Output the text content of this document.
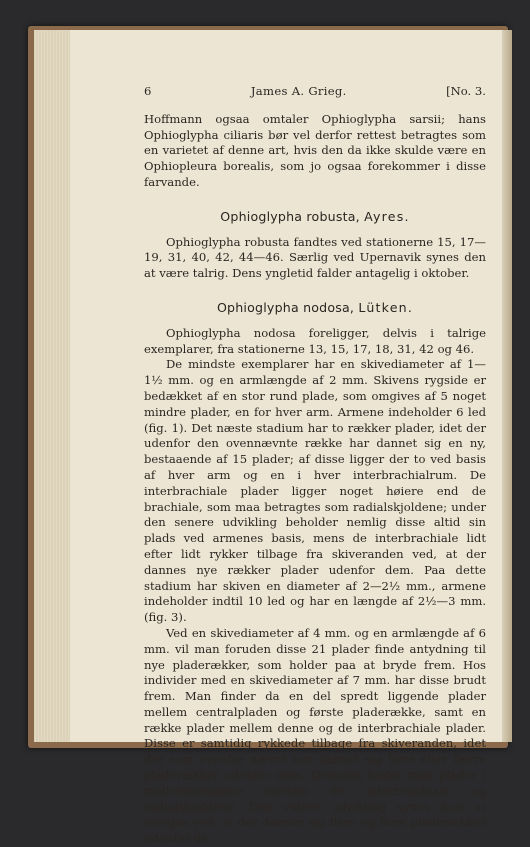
6	James A. Grieg.	[No. 3.

Hoffmann ogsaa omtaler Ophioglypha sarsii; hans Ophioglypha ciliaris bør vel derfor rettest betragtes som en varietet af denne art, hvis den da ikke skulde være en Ophiopleura borealis, som jo ogsaa forekommer i disse farvande.

Ophioglypha robusta, Ayres.

Ophioglypha robusta fandtes ved stationerne 15, 17—19, 31, 40, 42, 44—46. Særlig ved Upernavik synes den at være talrig. Dens yngletid falder antagelig i oktober.

Ophioglypha nodosa, Lütken.

Ophioglypha nodosa foreligger, delvis i talrige exemplarer, fra stationerne 13, 15, 17, 18, 31, 42 og 46.

De mindste exemplarer har en skivediameter af 1—1½ mm. og en armlængde af 2 mm. Skivens rygside er bedækket af en stor rund plade, som omgives af 5 noget mindre plader, en for hver arm. Armene indeholder 6 led (fig. 1). Det næste stadium har to rækker plader, idet der udenfor den ovennævnte række har dannet sig en ny, bestaaende af 15 plader; af disse ligger der to ved basis af hver arm og en i hver interbrachialrum. De interbrachiale plader ligger noget høiere end de brachiale, som maa betragtes som radialskjoldene; under den senere udvikling beholder nemlig disse altid sin plads ved armenes basis, mens de interbrachiale lidt efter lidt rykker tilbage fra skiveranden ved, at der dannes nye rækker plader udenfor dem. Paa dette stadium har skiven en diameter af 2—2½ mm., armene indeholder indtil 10 led og har en længde af 2½—3 mm. (fig. 3).

Ved en skivediameter af 4 mm. og en armlængde af 6 mm. vil man foruden disse 21 plader finde antydning til nye pladerækker, som holder paa at bryde frem. Hos individer med en skivediameter af 7 mm. har disse brudt frem. Man finder da en del spredt liggende plader mellem centralpladen og første pladerække, samt en række plader mellem denne og de interbrachiale plader. Disse er samtidig rykkede tilbage fra skiveranden, idet der som ovenfor nævnt har dannet sig flere eller færre pladerækker udenfor dem. Desuden finder man plader i mellemrummene mellem de interbrachiale og radialskjoldene. Den videre udvikling synes kun at foregaa ved, at der danner sig flere og flere pladerækker udenfor de
